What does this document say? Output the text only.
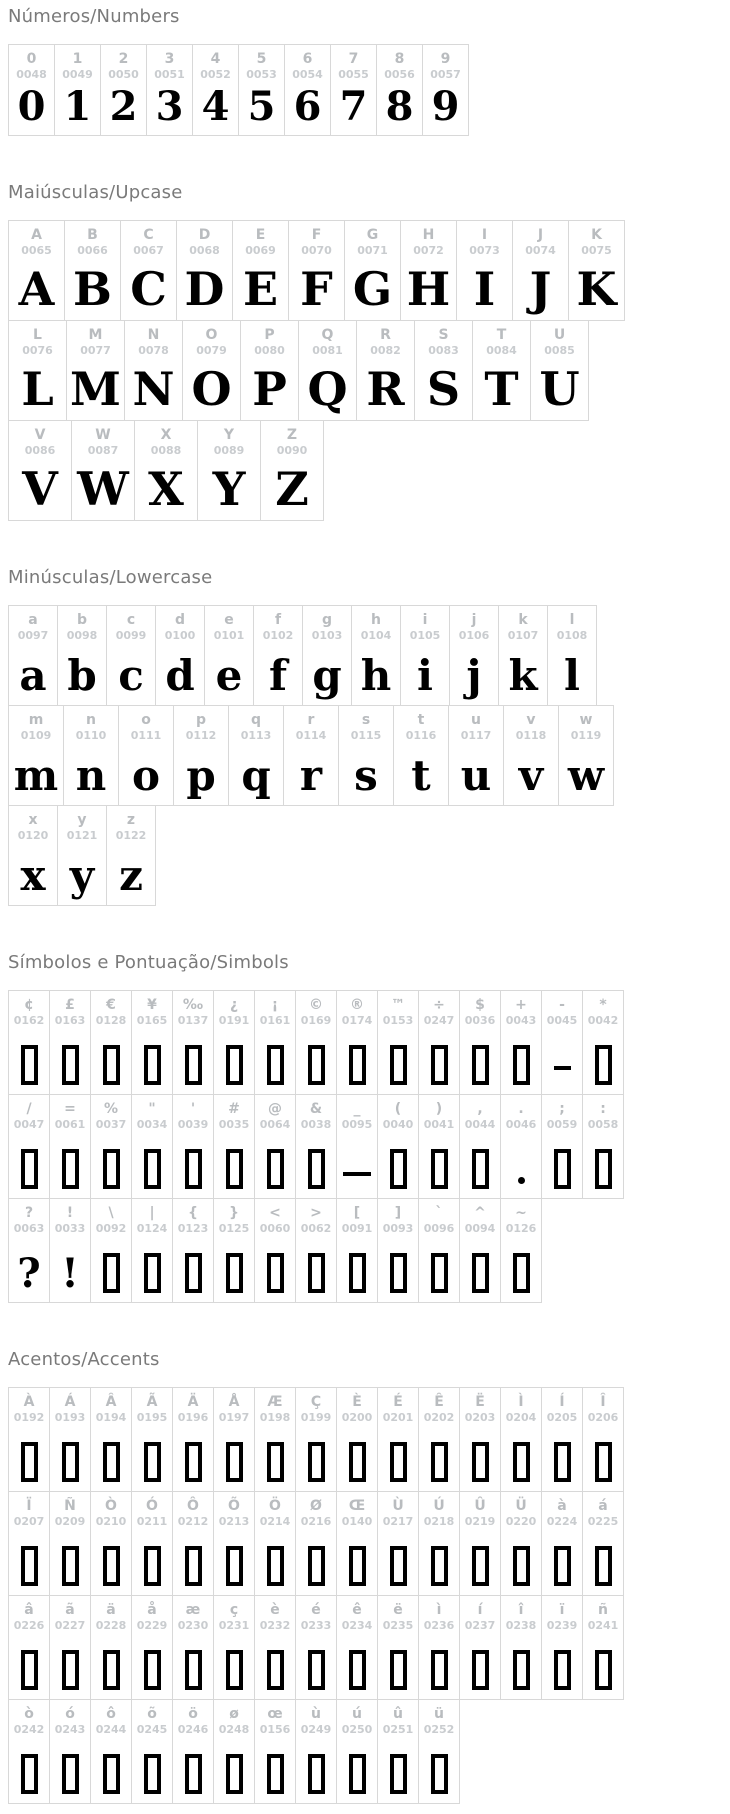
Números/Numbers
0
0048
0
1
0049
1
2
0050
2
3
0051
3
4
0052
4
5
0053
5
6
0054
6
7
0055
7
8
0056
8
9
0057
9
Maiúsculas/Upcase
A
0065
A
B
0066
B
C
0067
C
D
0068
D
E
0069
E
F
0070
F
G
0071
G
H
0072
H
I
0073
I
J
0074
J
K
0075
K
L
0076
L
M
0077
M
N
0078
N
O
0079
O
P
0080
P
Q
0081
Q
R
0082
R
S
0083
S
T
0084
T
U
0085
U
V
0086
V
W
0087
W
X
0088
X
Y
0089
Y
Z
0090
Z
Minúsculas/Lowercase
a
0097
a
b
0098
b
c
0099
c
d
0100
d
e
0101
e
f
0102
f
g
0103
g
h
0104
h
i
0105
i
j
0106
j
k
0107
k
l
0108
l
m
0109
m
n
0110
n
o
0111
o
p
0112
p
q
0113
q
r
0114
r
s
0115
s
t
0116
t
u
0117
u
v
0118
v
w
0119
w
x
0120
x
y
0121
y
z
0122
z
Símbolos e Pontuação/Simbols
¢
0162
£
0163
€
0128
¥
0165
‰
0137
¿
0191
¡
0161
©
0169
®
0174
™
0153
÷
0247
$
0036
+
0043
-
0045
*
0042
/
0047
=
0061
%
0037
"
0034
'
0039
#
0035
@
0064
&
0038
_
0095
(
0040
)
0041
,
0044
.
0046
;
0059
:
0058
?
0063
?
!
0033
!
\
0092
|
0124
{
0123
}
0125
<
0060
>
0062
[
0091
]
0093
`
0096
^
0094
~
0126
Acentos/Accents
À
0192
Á
0193
Â
0194
Ã
0195
Ä
0196
Å
0197
Æ
0198
Ç
0199
È
0200
É
0201
Ê
0202
Ë
0203
Ì
0204
Í
0205
Î
0206
Ï
0207
Ñ
0209
Ò
0210
Ó
0211
Ô
0212
Õ
0213
Ö
0214
Ø
0216
Œ
0140
Ù
0217
Ú
0218
Û
0219
Ü
0220
à
0224
á
0225
â
0226
ã
0227
ä
0228
å
0229
æ
0230
ç
0231
è
0232
é
0233
ê
0234
ë
0235
ì
0236
í
0237
î
0238
ï
0239
ñ
0241
ò
0242
ó
0243
ô
0244
õ
0245
ö
0246
ø
0248
œ
0156
ù
0249
ú
0250
û
0251
ü
0252
